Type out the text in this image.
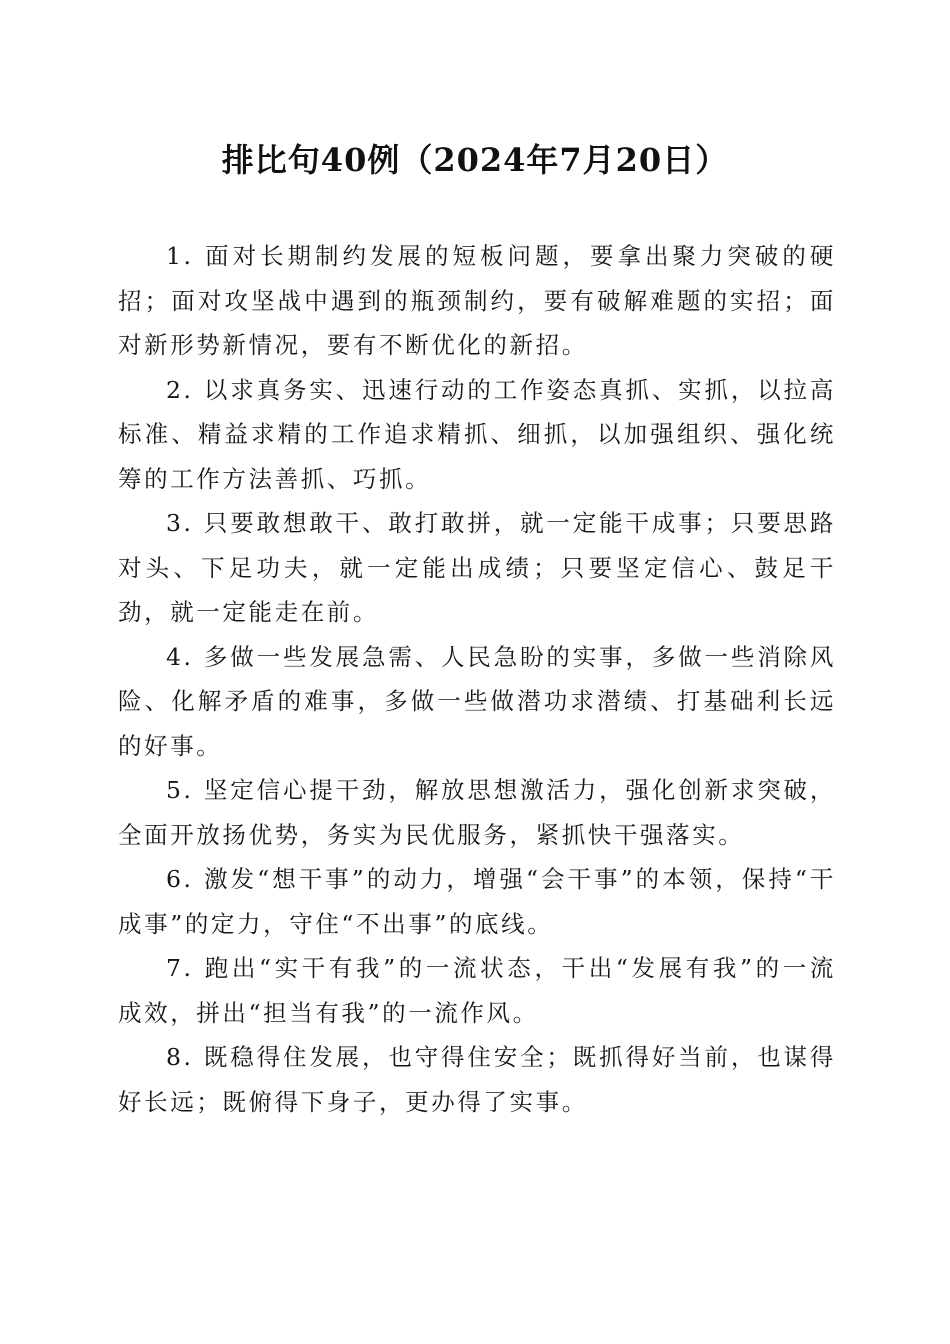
排比句40例（2024年7月20日）

1. 面对长期制约发展的短板问题，要拿出聚力突破的硬招；面对攻坚战中遇到的瓶颈制约，要有破解难题的实招；面对新形势新情况，要有不断优化的新招。

2. 以求真务实、迅速行动的工作姿态真抓、实抓，以拉高标准、精益求精的工作追求精抓、细抓，以加强组织、强化统筹的工作方法善抓、巧抓。

3. 只要敢想敢干、敢打敢拼，就一定能干成事；只要思路对头、下足功夫，就一定能出成绩；只要坚定信心、鼓足干劲，就一定能走在前。

4. 多做一些发展急需、人民急盼的实事，多做一些消除风险、化解矛盾的难事，多做一些做潜功求潜绩、打基础利长远的好事。

5. 坚定信心提干劲，解放思想激活力，强化创新求突破，全面开放扬优势，务实为民优服务，紧抓快干强落实。

6. 激发“想干事”的动力，增强“会干事”的本领，保持“干成事”的定力，守住“不出事”的底线。

7. 跑出“实干有我”的一流状态，干出“发展有我”的一流成效，拼出“担当有我”的一流作风。

8. 既稳得住发展，也守得住安全；既抓得好当前，也谋得好长远；既俯得下身子，更办得了实事。
